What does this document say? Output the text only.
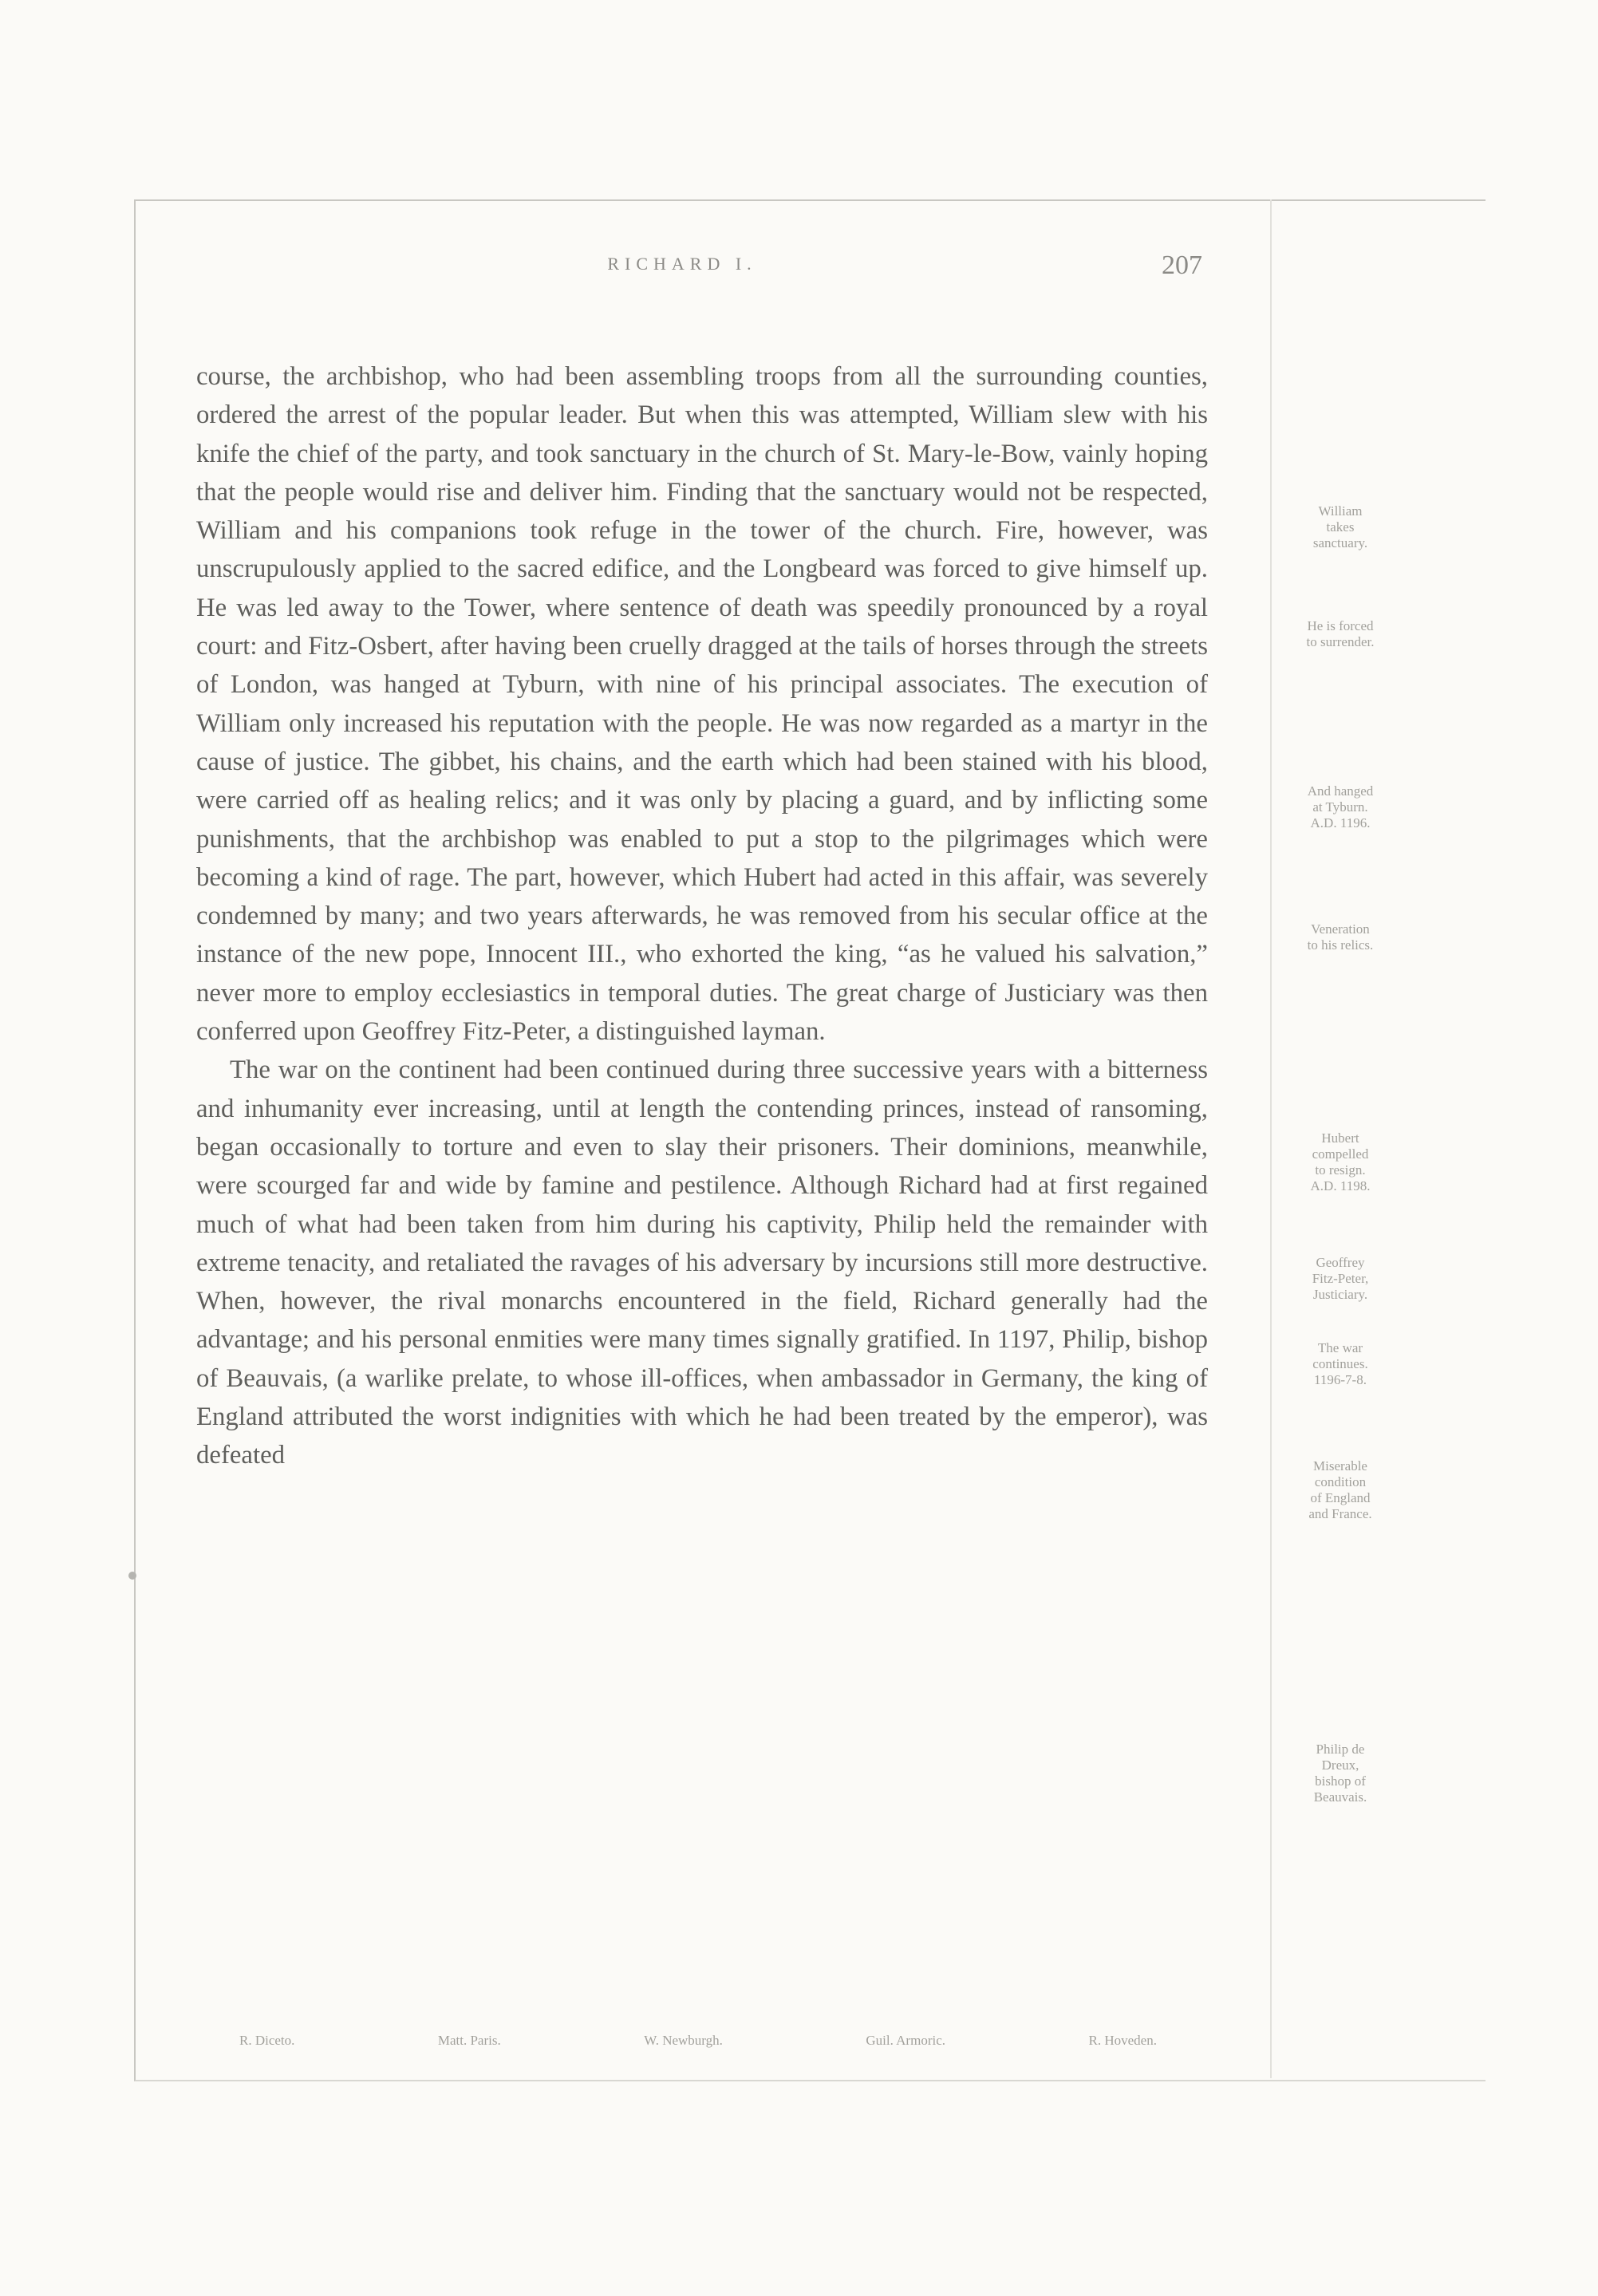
RICHARD I.	207

course, the archbishop, who had been assembling troops from all the surrounding counties, ordered the arrest of the popular leader. But when this was attempted, William slew with his knife the chief of the party, and took sanctuary in the church of St. Mary-le-Bow, vainly hoping that the people would rise and deliver him. Finding that the sanctuary would not be respected, William and his companions took refuge in the tower of the church. Fire, however, was unscrupulously applied to the sacred edifice, and the Longbeard was forced to give himself up. He was led away to the Tower, where sentence of death was speedily pronounced by a royal court: and Fitz-Osbert, after having been cruelly dragged at the tails of horses through the streets of London, was hanged at Tyburn, with nine of his principal associates. The execution of William only increased his reputation with the people. He was now regarded as a martyr in the cause of justice. The gibbet, his chains, and the earth which had been stained with his blood, were carried off as healing relics; and it was only by placing a guard, and by inflicting some punishments, that the archbishop was enabled to put a stop to the pilgrimages which were becoming a kind of rage. The part, however, which Hubert had acted in this affair, was severely condemned by many; and two years afterwards, he was removed from his secular office at the instance of the new pope, Innocent III., who exhorted the king, “as he valued his salvation,” never more to employ ecclesiastics in temporal duties. The great charge of Justiciary was then conferred upon Geoffrey Fitz-Peter, a distinguished layman.

The war on the continent had been continued during three successive years with a bitterness and inhumanity ever increasing, until at length the contending princes, instead of ransoming, began occasionally to torture and even to slay their prisoners. Their dominions, meanwhile, were scourged far and wide by famine and pestilence. Although Richard had at first regained much of what had been taken from him during his captivity, Philip held the remainder with extreme tenacity, and retaliated the ravages of his adversary by incursions still more destructive. When, however, the rival monarchs encountered in the field, Richard generally had the advantage; and his personal enmities were many times signally gratified. In 1197, Philip, bishop of Beauvais, (a warlike prelate, to whose ill-offices, when ambassador in Germany, the king of England attributed the worst indignities with which he had been treated by the emperor), was defeated

William
takes
sanctuary.
He is forced
to surrender.
And hanged
at Tyburn.
A.D. 1196.
Veneration
to his relics.
Hubert
compelled
to resign.
A.D. 1198.
Geoffrey
Fitz-Peter,
Justiciary.
The war
continues.
1196-7-8.
Miserable
condition
of England
and France.
Philip de
Dreux,
bishop of
Beauvais.
R. Diceto.	Matt. Paris.	W. Newburgh.	Guil. Armoric.	R. Hoveden.
